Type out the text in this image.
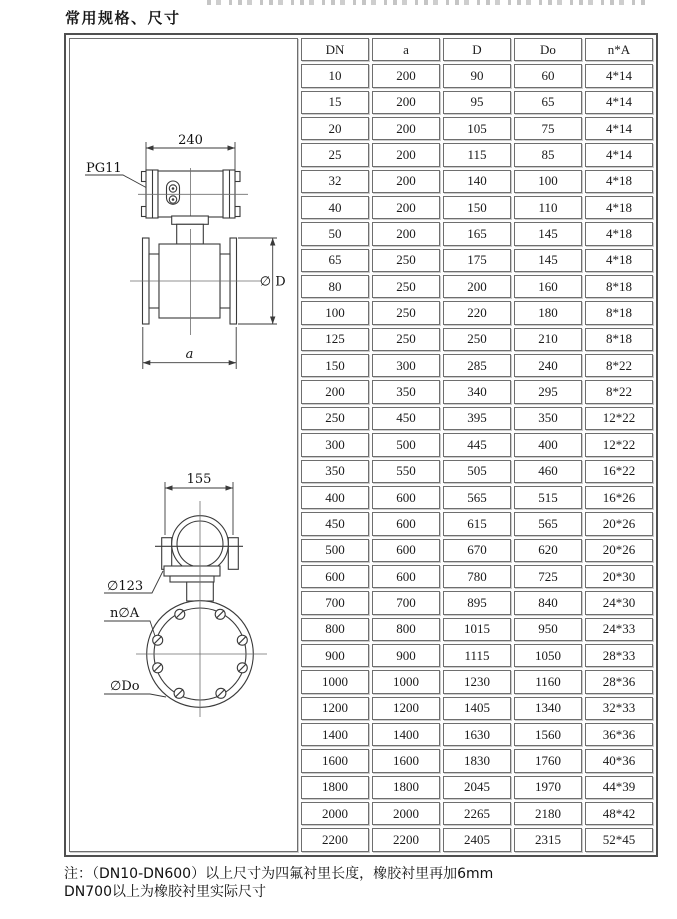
常用规格、尺寸
240
PG11
∅ D
a
155
∅123
n∅A
∅Do
	DN	a	D	Do	n*A
	10	200	90	60	4*14
	15	200	95	65	4*14
	20	200	105	75	4*14
	25	200	115	85	4*14
	32	200	140	100	4*18
	40	200	150	110	4*18
	50	200	165	145	4*18
	65	250	175	145	4*18
	80	250	200	160	8*18
	100	250	220	180	8*18
	125	250	250	210	8*18
	150	300	285	240	8*22
	200	350	340	295	8*22
	250	450	395	350	12*22
	300	500	445	400	12*22
	350	550	505	460	16*22
	400	600	565	515	16*26
	450	600	615	565	20*26
	500	600	670	620	20*26
	600	600	780	725	20*30
	700	700	895	840	24*30
	800	800	1015	950	24*33
	900	900	1115	1050	28*33
	1000	1000	1230	1160	28*36
	1200	1200	1405	1340	32*33
	1400	1400	1630	1560	36*36
	1600	1600	1830	1760	40*36
	1800	1800	2045	1970	44*39
	2000	2000	2265	2180	48*42
	2200	2200	2405	2315	52*45
注：（DN10-DN600）以上尺寸为四氟衬里长度，橡胶衬里再加6mm
DN700以上为橡胶衬里实际尺寸
